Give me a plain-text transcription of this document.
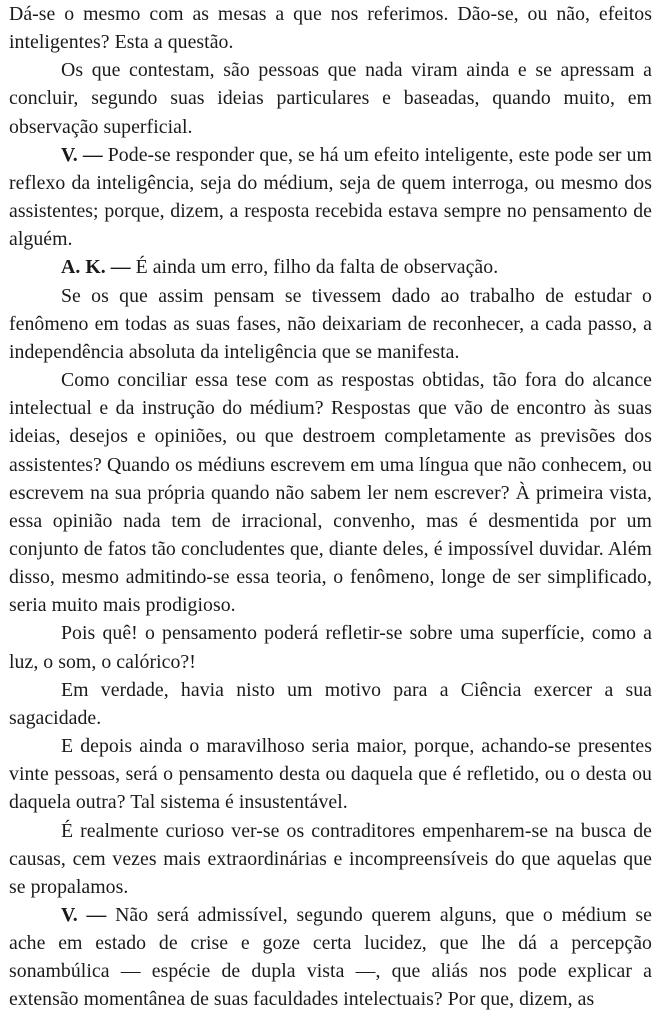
Dá-se o mesmo com as mesas a que nos referimos. Dão-se, ou não, efeitos inteligentes? Esta a questão.

Os que contestam, são pessoas que nada viram ainda e se apressam a concluir, segundo suas ideias particulares e baseadas, quando muito, em observação superficial.

V. — Pode-se responder que, se há um efeito inteligente, este pode ser um reflexo da inteligência, seja do médium, seja de quem interroga, ou mesmo dos assistentes; porque, dizem, a resposta recebida estava sempre no pensamento de alguém.

A. K. — É ainda um erro, filho da falta de observação.

Se os que assim pensam se tivessem dado ao trabalho de estudar o fenômeno em todas as suas fases, não deixariam de reconhecer, a cada passo, a independência absoluta da inteligência que se manifesta.

Como conciliar essa tese com as respostas obtidas, tão fora do alcance intelectual e da instrução do médium? Respostas que vão de encontro às suas ideias, desejos e opiniões, ou que destroem completamente as previsões dos assistentes? Quando os médiuns escrevem em uma língua que não conhecem, ou escrevem na sua própria quando não sabem ler nem escrever? À primeira vista, essa opinião nada tem de irracional, convenho, mas é desmentida por um conjunto de fatos tão concludentes que, diante deles, é impossível duvidar. Além disso, mesmo admitindo-se essa teoria, o fenômeno, longe de ser simplificado, seria muito mais prodigioso.

Pois quê! o pensamento poderá refletir-se sobre uma superfície, como a luz, o som, o calórico?!

Em verdade, havia nisto um motivo para a Ciência exercer a sua sagacidade.

E depois ainda o maravilhoso seria maior, porque, achando-se presentes vinte pessoas, será o pensamento desta ou daquela que é refletido, ou o desta ou daquela outra? Tal sistema é insustentável.

É realmente curioso ver-se os contraditores empenharem-se na busca de causas, cem vezes mais extraordinárias e incompreensíveis do que aquelas que se propalamos.

V. — Não será admissível, segundo querem alguns, que o médium se ache em estado de crise e goze certa lucidez, que lhe dá a percepção sonambúlica — espécie de dupla vista —, que aliás nos pode explicar a extensão momentânea de suas faculdades intelectuais? Por que, dizem, as
